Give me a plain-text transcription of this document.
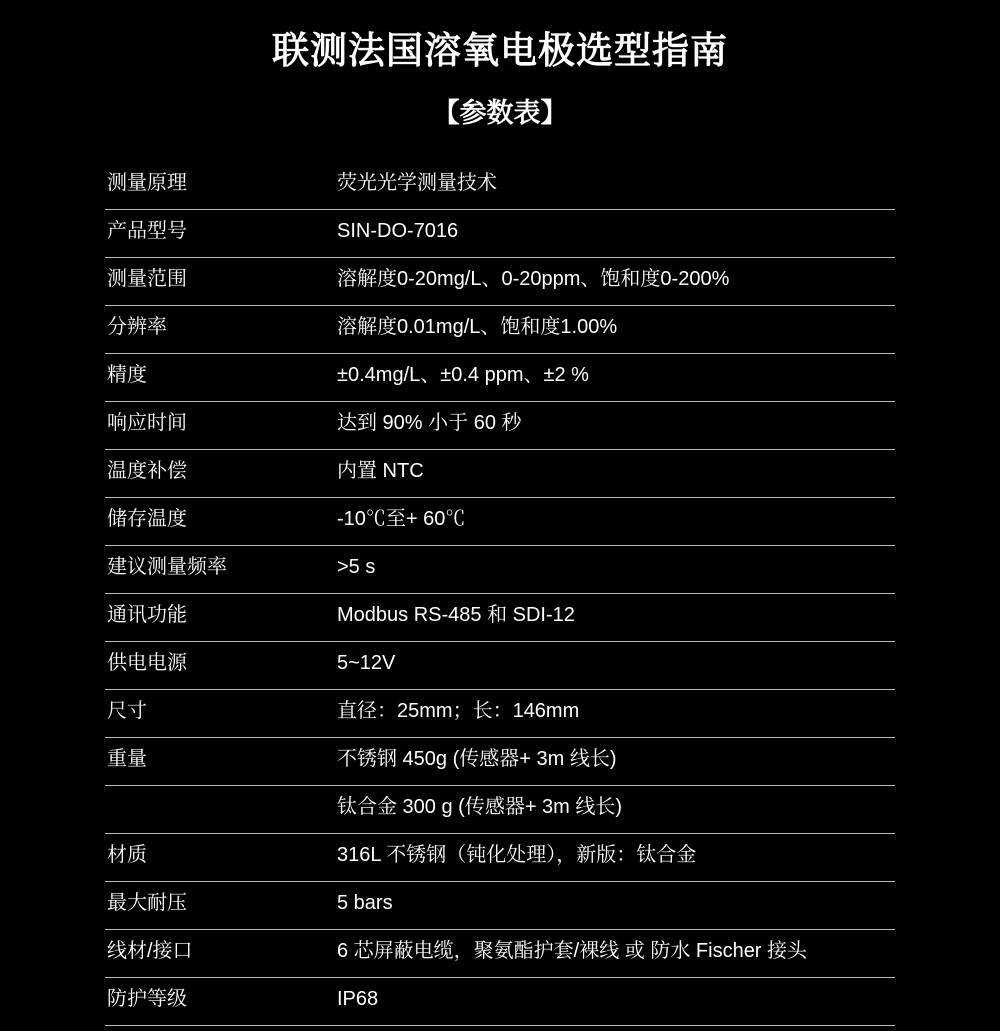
联测法国溶氧电极选型指南
【参数表】
测量原理	荧光光学测量技术
产品型号	SIN-DO-7016
测量范围	溶解度0-20mg/L、0-20ppm、饱和度0-200%
分辨率	溶解度0.01mg/L、饱和度1.00%
精度	±0.4mg/L、±0.4 ppm、±2 %
响应时间	达到 90% 小于 60 秒
温度补偿	内置 NTC
储存温度	-10℃至+ 60℃
建议测量频率	>5 s
通讯功能	Modbus RS-485 和 SDI-12
供电电源	5~12V
尺寸	直径：25mm；长：146mm
重量	不锈钢 450g (传感器+ 3m 线长)
	钛合金 300 g (传感器+ 3m 线长)
材质	316L 不锈钢（钝化处理），新版：钛合金
最大耐压	5 bars
线材/接口	6 芯屏蔽电缆，聚氨酯护套/裸线 或 防水 Fischer 接头
防护等级	IP68
